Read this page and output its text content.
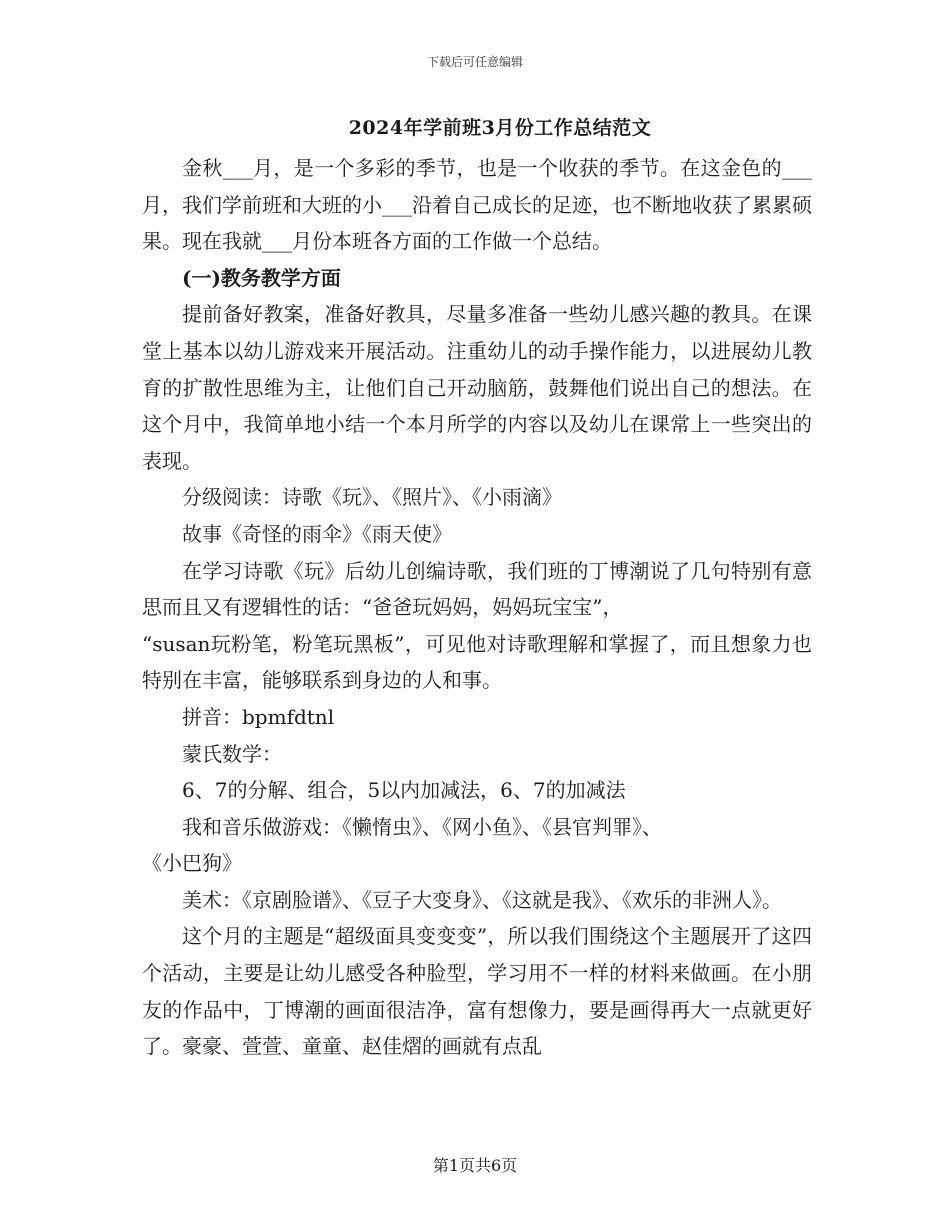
下载后可任意编辑
2024年学前班3月份工作总结范文

金秋___月，是一个多彩的季节，也是一个收获的季节。在这金色的___月，我们学前班和大班的小___沿着自己成长的足迹，也不断地收获了累累硕果。现在我就___月份本班各方面的工作做一个总结。

(一)教务教学方面

提前备好教案，准备好教具，尽量多准备一些幼儿感兴趣的教具。在课堂上基本以幼儿游戏来开展活动。注重幼儿的动手操作能力，以进展幼儿教育的扩散性思维为主，让他们自己开动脑筋，鼓舞他们说出自己的想法。在这个月中，我简单地小结一个本月所学的内容以及幼儿在课常上一些突出的表现。

分级阅读：诗歌《玩》、《照片》、《小雨滴》

故事《奇怪的雨伞》《雨天使》

在学习诗歌《玩》后幼儿创编诗歌，我们班的丁博潮说了几句特别有意思而且又有逻辑性的话：“爸爸玩妈妈，妈妈玩宝宝”，

“susan玩粉笔，粉笔玩黑板”，可见他对诗歌理解和掌握了，而且想象力也特别在丰富，能够联系到身边的人和事。

拼音：bpmfdtnl

蒙氏数学：

6、7的分解、组合，5以内加减法，6、7的加减法

我和音乐做游戏：《懒惰虫》、《网小鱼》、《县官判罪》、

《小巴狗》

美术：《京剧脸谱》、《豆子大变身》、《这就是我》、《欢乐的非洲人》。

这个月的主题是“超级面具变变变”，所以我们围绕这个主题展开了这四个活动，主要是让幼儿感受各种脸型，学习用不一样的材料来做画。在小朋友的作品中，丁博潮的画面很洁净，富有想像力，要是画得再大一点就更好了。豪豪、萱萱、童童、赵佳熠的画就有点乱

第1页共6页
